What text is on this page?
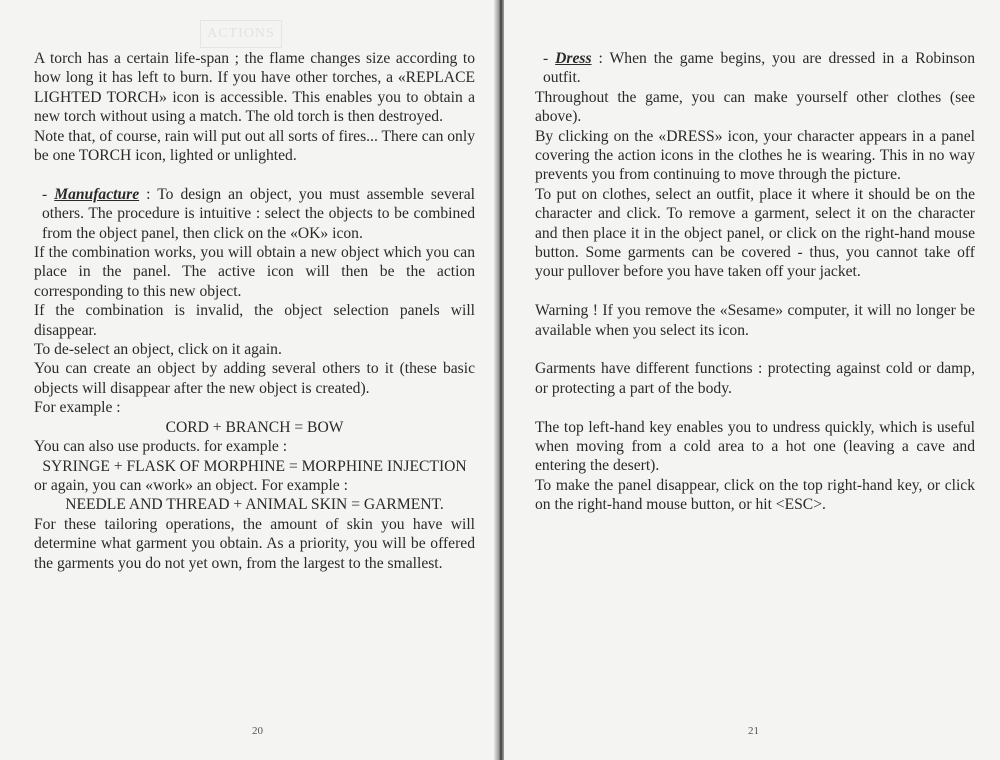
ACTIONS

A torch has a certain life-span ; the flame changes size according to how long it has left to burn. If you have other torches, a «REPLACE LIGHTED TORCH» icon is accessible. This enables you to obtain a new torch without using a match. The old torch is then destroyed.

Note that, of course, rain will put out all sorts of fires... There can only be one TORCH icon, lighted or unlighted.

- Manufacture : To design an object, you must assemble several others. The procedure is intuitive : select the objects to be combined from the object panel, then click on the «OK» icon.

If the combination works, you will obtain a new object which you can place in the panel. The active icon will then be the action corresponding to this new object.

If the combination is invalid, the object selection panels will disappear.

To de-select an object, click on it again.

You can create an object by adding several others to it (these basic objects will disappear after the new object is created).

For example :

CORD + BRANCH = BOW

You can also use products. for example :

SYRINGE + FLASK OF MORPHINE = MORPHINE INJECTION

or again, you can «work» an object. For example :

NEEDLE AND THREAD + ANIMAL SKIN = GARMENT.

For these tailoring operations, the amount of skin you have will determine what garment you obtain. As a priority, you will be offered the garments you do not yet own, from the largest to the smallest.

20

- Dress : When the game begins, you are dressed in a Robinson outfit.

Throughout the game, you can make yourself other clothes (see above).

By clicking on the «DRESS» icon, your character appears in a panel covering the action icons in the clothes he is wearing. This in no way prevents you from continuing to move through the picture.

To put on clothes, select an outfit, place it where it should be on the character and click. To remove a garment, select it on the character and then place it in the object panel, or click on the right-hand mouse button. Some garments can be covered - thus, you cannot take off your pullover before you have taken off your jacket.

Warning ! If you remove the «Sesame» computer, it will no longer be available when you select its icon.

Garments have different functions : protecting against cold or damp, or protecting a part of the body.

The top left-hand key enables you to undress quickly, which is useful when moving from a cold area to a hot one (leaving a cave and entering the desert).

To make the panel disappear, click on the top right-hand key, or click on the right-hand mouse button, or hit <ESC>.

21
